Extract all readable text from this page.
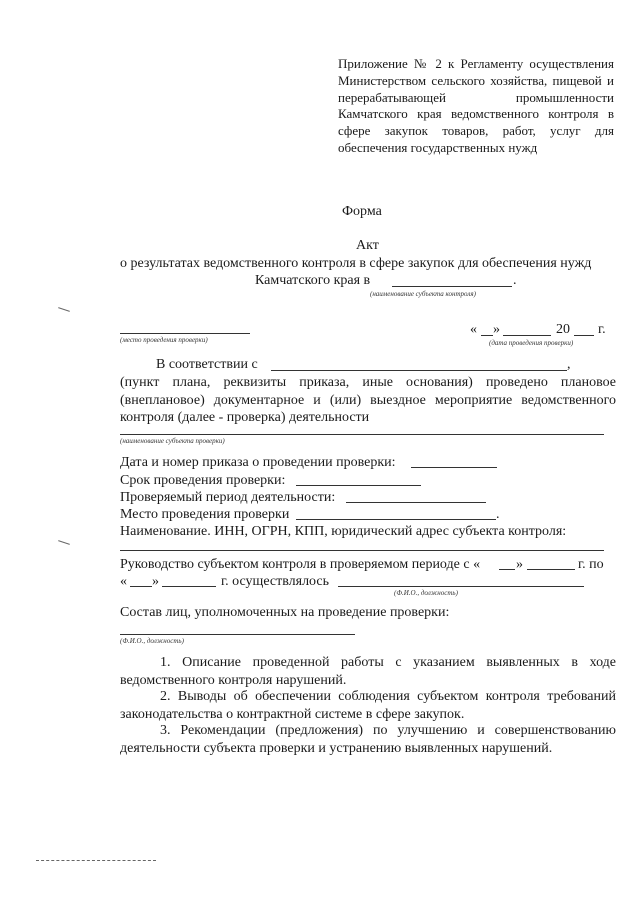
Приложение № 2 к Регламенту осуществления Министерством сельского хозяйства, пищевой и перерабатывающей промышленности Камчатского края ведомственного контроля в сфере закупок товаров, работ, услуг для обеспечения государственных нужд
Форма
Акт
о результатах ведомственного контроля в сфере закупок для обеспечения нужд
Камчатского края в	.
(наименование субъекта контроля)
(место проведения проверки)
« »	20 г.
(дата проведения проверки)
В соответствии с	,
(пункт плана, реквизиты приказа, иные основания) проведено плановое (внеплановое) документарное и (или) выездное мероприятие ведомственного контроля (далее - проверка) деятельности
(наименование субъекта проверки)
Дата и номер приказа о проведении проверки:
Срок проведения проверки:
Проверяемый период деятельности:
Место проведения проверки	.
Наименование. ИНН, ОГРН, КПП, юридический адрес субъекта контроля:
Руководство субъектом контроля в проверяемом периоде с «	»	г. по
« »	г. осуществлялось
(Ф.И.О., должность)
Состав лиц, уполномоченных на проведение проверки:
(Ф.И.О., должность)
1. Описание проведенной работы с указанием выявленных в ходе ведомственного контроля нарушений.
2. Выводы об обеспечении соблюдения субъектом контроля требований законодательства о контрактной системе в сфере закупок.
3. Рекомендации (предложения) по улучшению и совершенствованию деятельности субъекта проверки и устранению выявленных нарушений.
